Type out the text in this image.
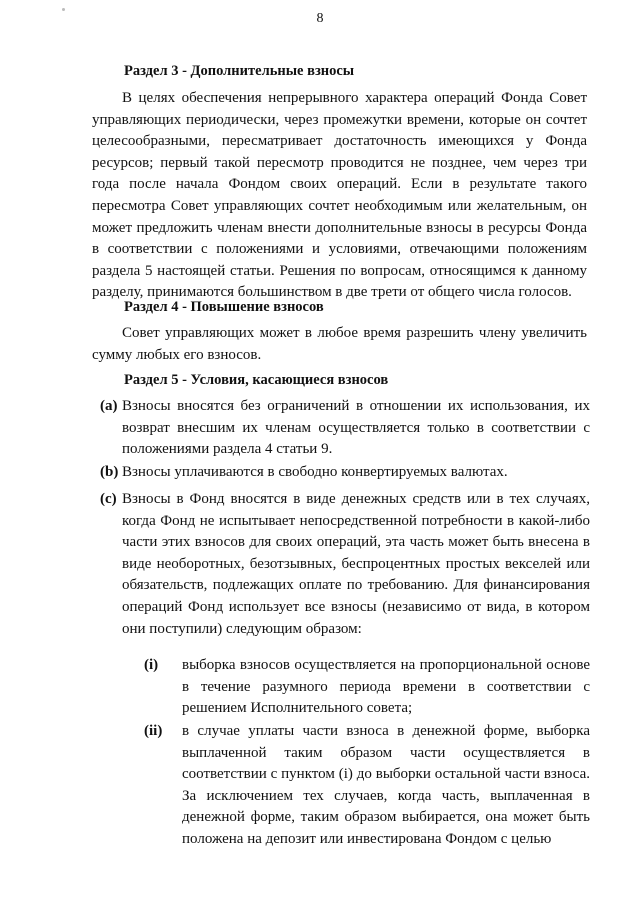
8
Раздел 3 - Дополнительные взносы
В целях обеспечения непрерывного характера операций Фонда Совет управляющих периодически, через промежутки времени, которые он сочтет целесообразными, пересматривает достаточность имеющихся у Фонда ресурсов; первый такой пересмотр проводится не позднее, чем через три года после начала Фондом своих операций. Если в результате такого пересмотра Совет управляющих сочтет необходимым или желательным, он может предложить членам внести дополнительные взносы в ресурсы Фонда в соответствии с положениями и условиями, отвечающими положениям раздела 5 настоящей статьи. Решения по вопросам, относящимся к данному разделу, принимаются большинством в две трети от общего числа голосов.
Раздел 4 - Повышение взносов
Совет управляющих может в любое время разрешить члену увеличить сумму любых его взносов.
Раздел 5 - Условия, касающиеся взносов
(a) Взносы вносятся без ограничений в отношении их использования, их возврат внесшим их членам осуществляется только в соответствии с положениями раздела 4 статьи 9.
(b) Взносы уплачиваются в свободно конвертируемых валютах.
(c) Взносы в Фонд вносятся в виде денежных средств или в тех случаях, когда Фонд не испытывает непосредственной потребности в какой-либо части этих взносов для своих операций, эта часть может быть внесена в виде необоротных, безотзывных, беспроцентных простых векселей или обязательств, подлежащих оплате по требованию. Для финансирования операций Фонд использует все взносы (независимо от вида, в котором они поступили) следующим образом:
(i) выборка взносов осуществляется на пропорциональной основе в течение разумного периода времени в соответствии с решением Исполнительного совета;
(ii) в случае уплаты части взноса в денежной форме, выборка выплаченной таким образом части осуществляется в соответствии с пунктом (i) до выборки остальной части взноса. За исключением тех случаев, когда часть, выплаченная в денежной форме, таким образом выбирается, она может быть положена на депозит или инвестирована Фондом с целью
